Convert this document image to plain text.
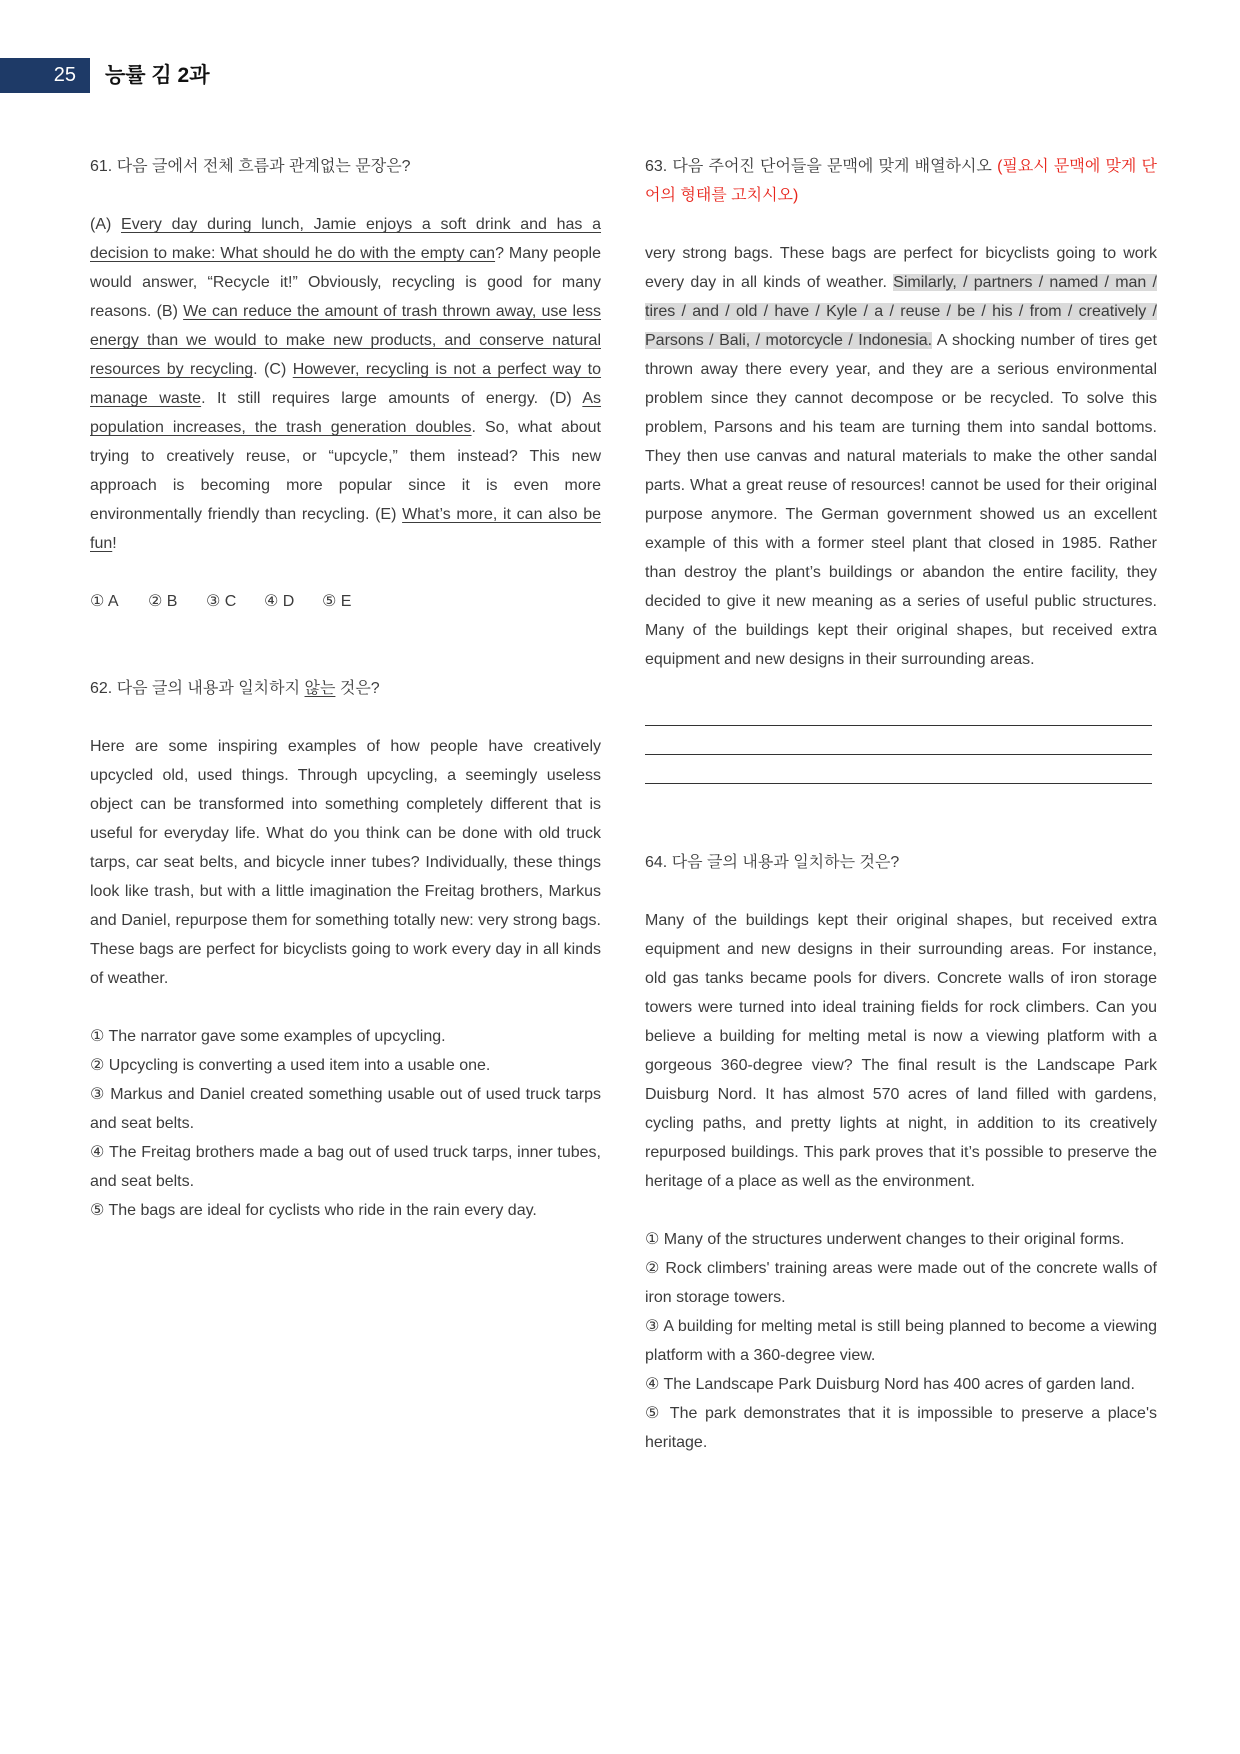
25	능률 김 2과
61. 다음 글에서 전체 흐름과 관계없는 문장은?
(A) Every day during lunch, Jamie enjoys a soft drink and has a decision to make: What should he do with the empty can? Many people would answer, “Recycle it!” Obviously, recycling is good for many reasons. (B) We can reduce the amount of trash thrown away, use less energy than we would to make new products, and conserve natural resources by recycling. (C) However, recycling is not a perfect way to manage waste. It still requires large amounts of energy. (D) As population increases, the trash generation doubles. So, what about trying to creatively reuse, or “upcycle,” them instead? This new approach is becoming more popular since it is even more environmentally friendly than recycling. (E) What’s more, it can also be fun!
① A ② B ③ C ④ D ⑤ E
62. 다음 글의 내용과 일치하지 않는 것은?
Here are some inspiring examples of how people have creatively upcycled old, used things. Through upcycling, a seemingly useless object can be transformed into something completely different that is useful for everyday life. What do you think can be done with old truck tarps, car seat belts, and bicycle inner tubes? Individually, these things look like trash, but with a little imagination the Freitag brothers, Markus and Daniel, repurpose them for something totally new: very strong bags. These bags are perfect for bicyclists going to work every day in all kinds of weather.
① The narrator gave some examples of upcycling.
② Upcycling is converting a used item into a usable one.
③ Markus and Daniel created something usable out of used truck tarps and seat belts.
④ The Freitag brothers made a bag out of used truck tarps, inner tubes, and seat belts.
⑤ The bags are ideal for cyclists who ride in the rain every day.
63. 다음 주어진 단어들을 문맥에 맞게 배열하시오 (필요시 문맥에 맞게 단어의 형태를 고치시오)
very strong bags. These bags are perfect for bicyclists going to work every day in all kinds of weather. Similarly, / partners / named / man / tires / and / old / have / Kyle / a / reuse / be / his / from / creatively / Parsons / Bali, / motorcycle / Indonesia. A shocking number of tires get thrown away there every year, and they are a serious environmental problem since they cannot decompose or be recycled. To solve this problem, Parsons and his team are turning them into sandal bottoms. They then use canvas and natural materials to make the other sandal parts. What a great reuse of resources! cannot be used for their original purpose anymore. The German government showed us an excellent example of this with a former steel plant that closed in 1985. Rather than destroy the plant’s buildings or abandon the entire facility, they decided to give it new meaning as a series of useful public structures. Many of the buildings kept their original shapes, but received extra equipment and new designs in their surrounding areas.
64. 다음 글의 내용과 일치하는 것은?
Many of the buildings kept their original shapes, but received extra equipment and new designs in their surrounding areas. For instance, old gas tanks became pools for divers. Concrete walls of iron storage towers were turned into ideal training fields for rock climbers. Can you believe a building for melting metal is now a viewing platform with a gorgeous 360-degree view? The final result is the Landscape Park Duisburg Nord. It has almost 570 acres of land filled with gardens, cycling paths, and pretty lights at night, in addition to its creatively repurposed buildings. This park proves that it’s possible to preserve the heritage of a place as well as the environment.
① Many of the structures underwent changes to their original forms.
② Rock climbers' training areas were made out of the concrete walls of iron storage towers.
③ A building for melting metal is still being planned to become a viewing platform with a 360-degree view.
④ The Landscape Park Duisburg Nord has 400 acres of garden land.
⑤ The park demonstrates that it is impossible to preserve a place's heritage.
